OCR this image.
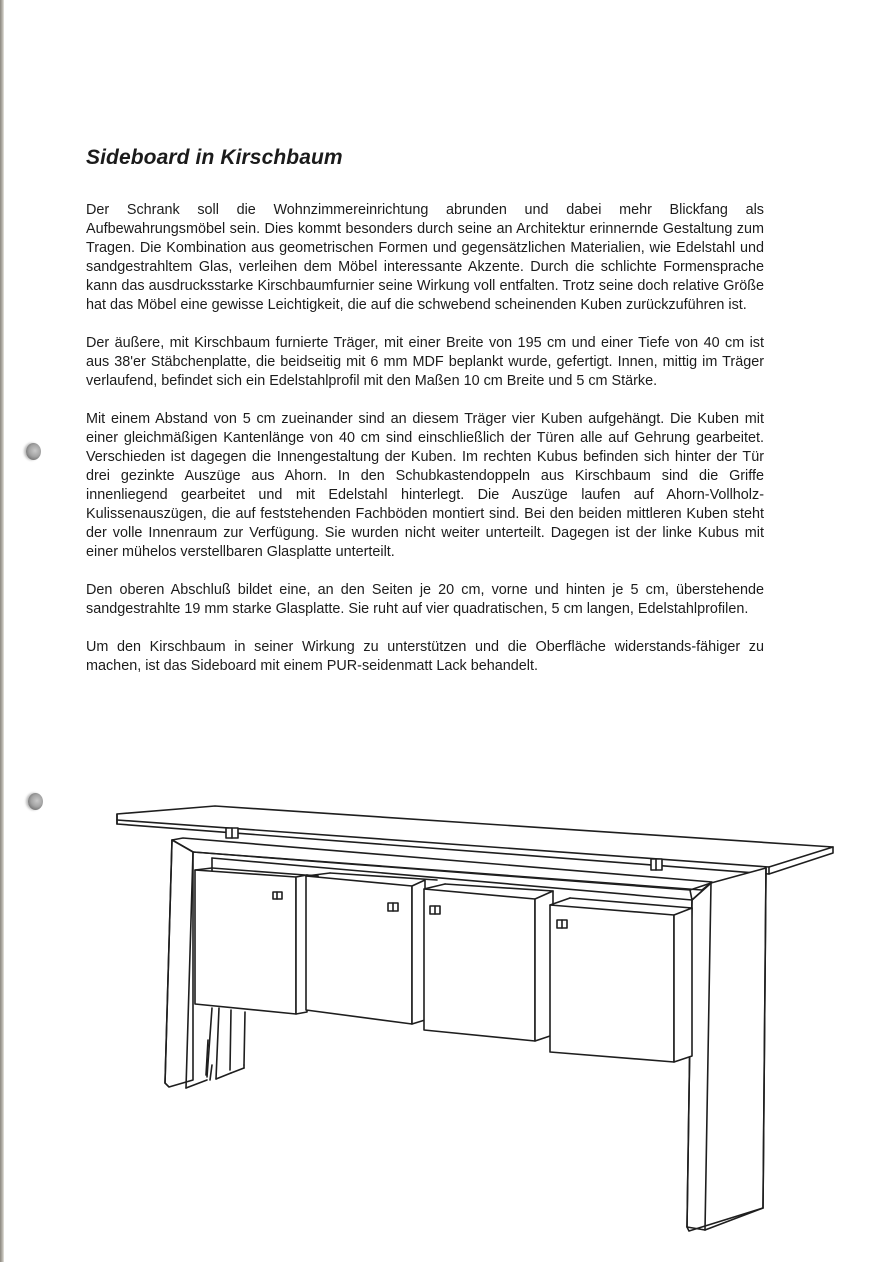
Sideboard in Kirschbaum

Der Schrank soll die Wohnzimmereinrichtung abrunden und dabei mehr Blickfang als Aufbewahrungsmöbel sein. Dies kommt besonders durch seine an Architektur erinnernde Gestaltung zum Tragen. Die Kombination aus geometrischen Formen und gegensätzlichen Materialien, wie Edelstahl und sandgestrahltem Glas, verleihen dem Möbel interessante Akzente. Durch die schlichte Formensprache kann das ausdrucksstarke Kirschbaumfurnier seine Wirkung voll entfalten. Trotz seine doch relative Größe hat das Möbel eine gewisse Leichtigkeit, die auf die schwebend scheinenden Kuben zurückzuführen ist.

Der äußere, mit Kirschbaum furnierte Träger, mit einer Breite von 195 cm und einer Tiefe von 40 cm ist aus 38'er Stäbchenplatte, die beidseitig mit 6 mm MDF beplankt wurde, gefertigt. Innen, mittig im Träger verlaufend, befindet sich ein Edelstahlprofil mit den Maßen 10 cm Breite und 5 cm Stärke.

Mit einem Abstand von 5 cm zueinander sind an diesem Träger vier Kuben aufgehängt. Die Kuben mit einer gleichmäßigen Kantenlänge von 40 cm sind einschließlich der Türen alle auf Gehrung gearbeitet. Verschieden ist dagegen die Innengestaltung der Kuben. Im rechten Kubus befinden sich hinter der Tür drei gezinkte Auszüge aus Ahorn. In den Schubkastendoppeln aus Kirschbaum sind die Griffe innenliegend gearbeitet und mit Edelstahl hinterlegt. Die Auszüge laufen auf Ahorn-Vollholz-Kulissenauszügen, die auf feststehenden Fachböden montiert sind. Bei den beiden mittleren Kuben steht der volle Innenraum zur Verfügung. Sie wurden nicht weiter unterteilt. Dagegen ist der linke Kubus mit einer mühelos verstellbaren Glasplatte unterteilt.

Den oberen Abschluß bildet eine, an den Seiten je 20 cm, vorne und hinten je 5 cm, überstehende sandgestrahlte 19 mm starke Glasplatte. Sie ruht auf vier quadratischen, 5 cm langen, Edelstahlprofilen.

Um den Kirschbaum in seiner Wirkung zu unterstützen und die Oberfläche widerstands-fähiger zu machen, ist das Sideboard mit einem PUR-seidenmatt Lack behandelt.
